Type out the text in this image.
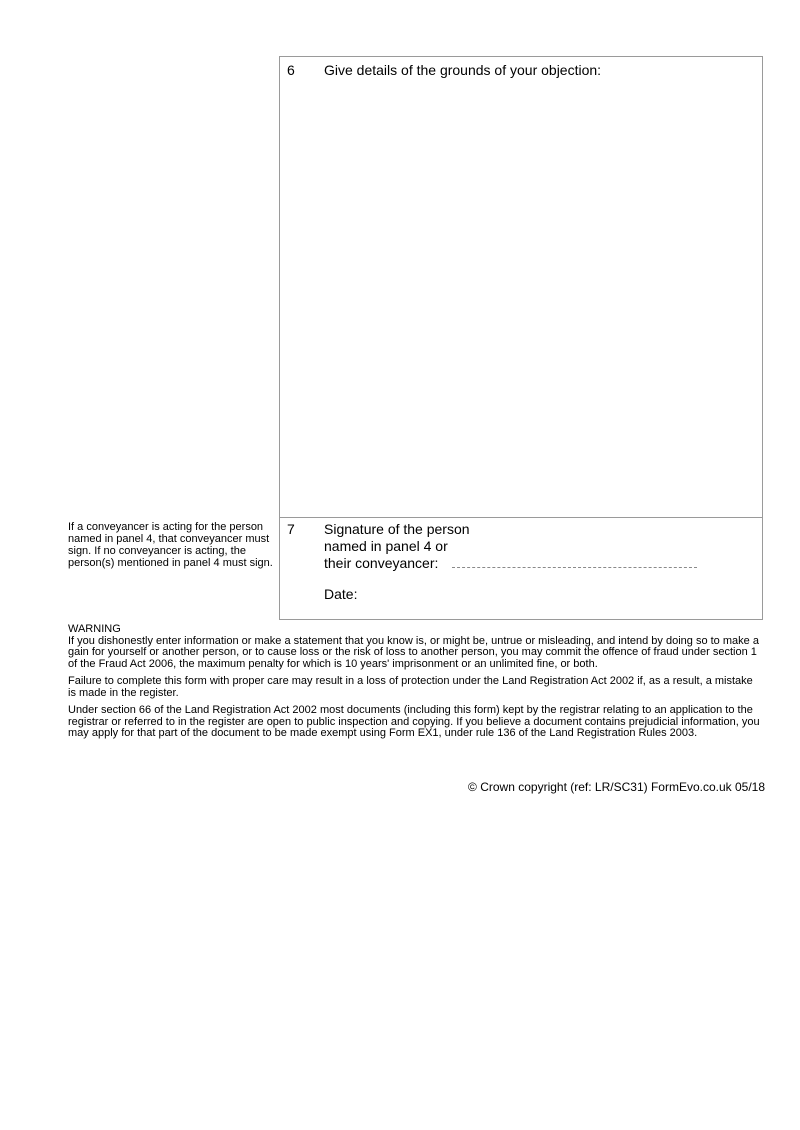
6 Give details of the grounds of your objection:
7 Signature of the person
named in panel 4 or
their conveyancer:
Date:
If a conveyancer is acting for the person named in panel 4, that conveyancer must sign. If no conveyancer is acting, the person(s) mentioned in panel 4 must sign.
WARNING

If you dishonestly enter information or make a statement that you know is, or might be, untrue or misleading, and intend by doing so to make a gain for yourself or another person, or to cause loss or the risk of loss to another person, you may commit the offence of fraud under section 1 of the Fraud Act 2006, the maximum penalty for which is 10 years' imprisonment or an unlimited fine, or both.

Failure to complete this form with proper care may result in a loss of protection under the Land Registration Act 2002 if, as a result, a mistake is made in the register.

Under section 66 of the Land Registration Act 2002 most documents (including this form) kept by the registrar relating to an application to the registrar or referred to in the register are open to public inspection and copying. If you believe a document contains prejudicial information, you may apply for that part of the document to be made exempt using Form EX1, under rule 136 of the Land Registration Rules 2003.

© Crown copyright (ref: LR/SC31) FormEvo.co.uk 05/18
